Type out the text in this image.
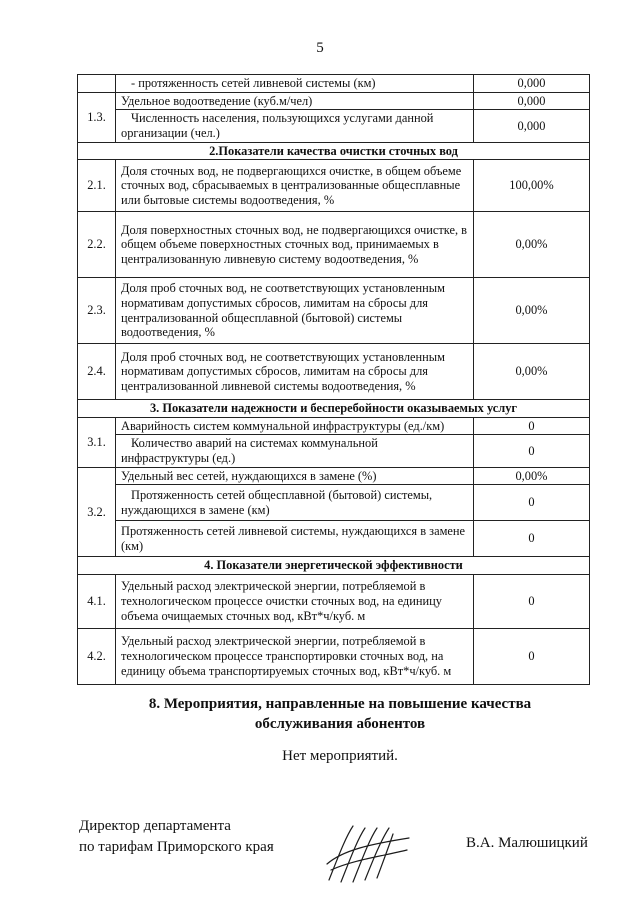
5
	- протяженность сетей ливневой системы (км)	0,000
1.3.	Удельное водоотведение (куб.м/чел)	0,000
	Численность населения, пользующихся услугами данной организации (чел.)	0,000
2.Показатели качества очистки сточных вод		
2.1.	Доля сточных вод, не подвергающихся очистке, в общем объеме сточных вод, сбрасываемых в централизованные общесплавные или бытовые системы водоотведения, %	100,00%
2.2.	Доля поверхностных сточных вод, не подвергающихся очистке, в общем объеме поверхностных сточных вод, принимаемых в централизованную ливневую систему водоотведения, %	0,00%
2.3.	Доля проб сточных вод, не соответствующих установленным нормативам допустимых сбросов, лимитам на сбросы для централизованной общесплавной (бытовой) системы водоотведения, %	0,00%
2.4.	Доля проб сточных вод, не соответствующих установленным нормативам допустимых сбросов, лимитам на сбросы для централизованной ливневой системы водоотведения, %	0,00%
3. Показатели надежности и бесперебойности оказываемых услуг		
3.1.	Аварийность систем коммунальной инфраструктуры (ед./км)	0
	Количество аварий на системах коммунальной инфраструктуры (ед.)	0
3.2.	Удельный вес сетей, нуждающихся в замене (%)	0,00%
	Протяженность сетей общесплавной (бытовой) системы, нуждающихся в замене (км)	0
	Протяженность сетей ливневой системы, нуждающихся в замене (км)	0
4. Показатели энергетической эффективности		
4.1.	Удельный расход электрической энергии, потребляемой в технологическом процессе очистки сточных вод, на единицу объема очищаемых сточных вод, кВт*ч/куб. м	0
4.2.	Удельный расход электрической энергии, потребляемой в технологическом процессе транспортировки сточных вод, на единицу объема транспортируемых сточных вод, кВт*ч/куб. м	0
8. Мероприятия, направленные на повышение качества
обслуживания абонентов
Нет мероприятий.
Директор департамента
по тарифам Приморского края	В.А. Малюшицкий
